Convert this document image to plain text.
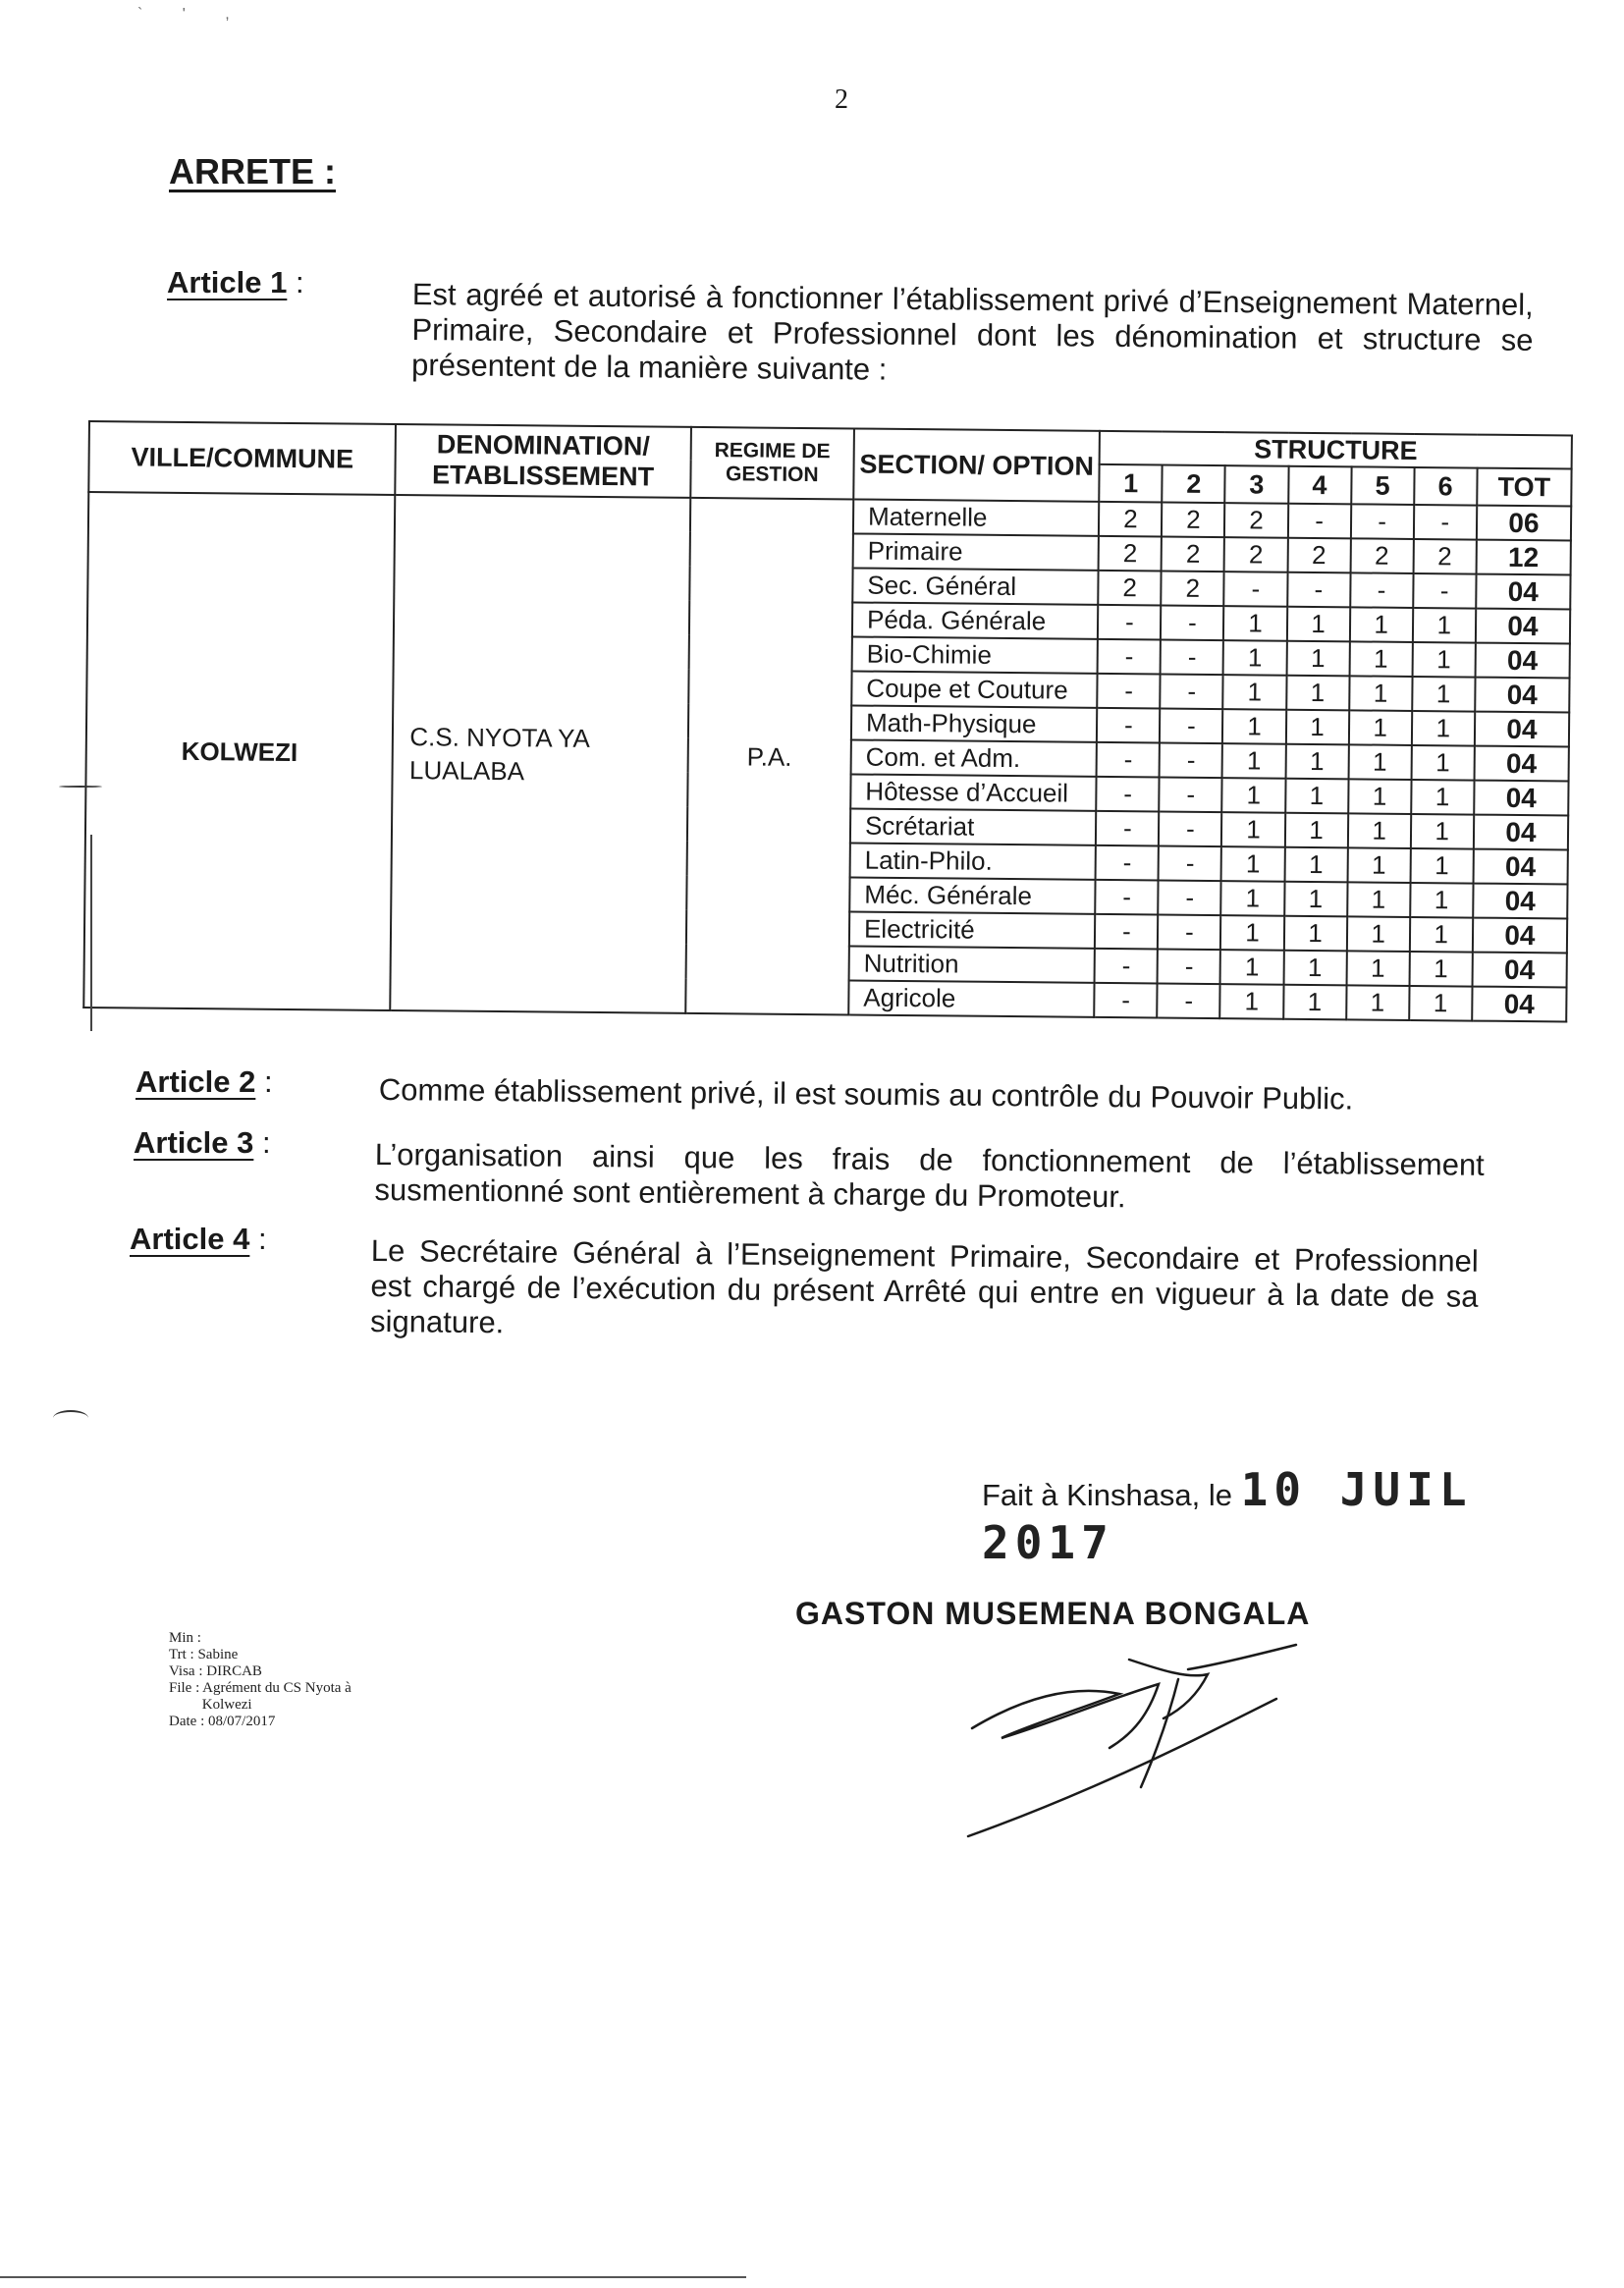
` ' ,
2
ARRETE :
Article 1 :	Est agréé et autorisé à fonctionner l’établissement privé d’Enseignement Maternel, Primaire, Secondaire et Professionnel dont les dénomination et structure se présentent de la manière suivante :
VILLE/COMMUNE	DENOMINATION/ ETABLISSEMENT	REGIME DE GESTION	SECTION/ OPTION	STRUCTURE						
				1	2	3	4	5	6	TOT
KOLWEZI	C.S. NYOTA YA LUALABA	P.A.	Maternelle	2	2	2	-	-	-	06
			Primaire	2	2	2	2	2	2	12
			Sec. Général	2	2	-	-	-	-	04
			Péda. Générale	-	-	1	1	1	1	04
			Bio-Chimie	-	-	1	1	1	1	04
			Coupe et Couture	-	-	1	1	1	1	04
			Math-Physique	-	-	1	1	1	1	04
			Com. et Adm.	-	-	1	1	1	1	04
			Hôtesse d’Accueil	-	-	1	1	1	1	04
			Scrétariat	-	-	1	1	1	1	04
			Latin-Philo.	-	-	1	1	1	1	04
			Méc. Générale	-	-	1	1	1	1	04
			Electricité	-	-	1	1	1	1	04
			Nutrition	-	-	1	1	1	1	04
			Agricole	-	-	1	1	1	1	04
Article 2 :	Comme établissement privé, il est soumis au contrôle du Pouvoir Public.
Article 3 :	L’organisation ainsi que les frais de fonctionnement de l’établissement susmentionné sont entièrement à charge du Promoteur.
Article 4 :	Le Secrétaire Général à l’Enseignement Primaire, Secondaire et Professionnel est chargé de l’exécution du présent Arrêté qui entre en vigueur à la date de sa signature.
Fait à Kinshasa, le 10 JUIL 2017
GASTON MUSEMENA BONGALA
Min :
Trt : Sabine
Visa : DIRCAB
File : Agrément du CS Nyota à
Kolwezi
Date : 08/07/2017
